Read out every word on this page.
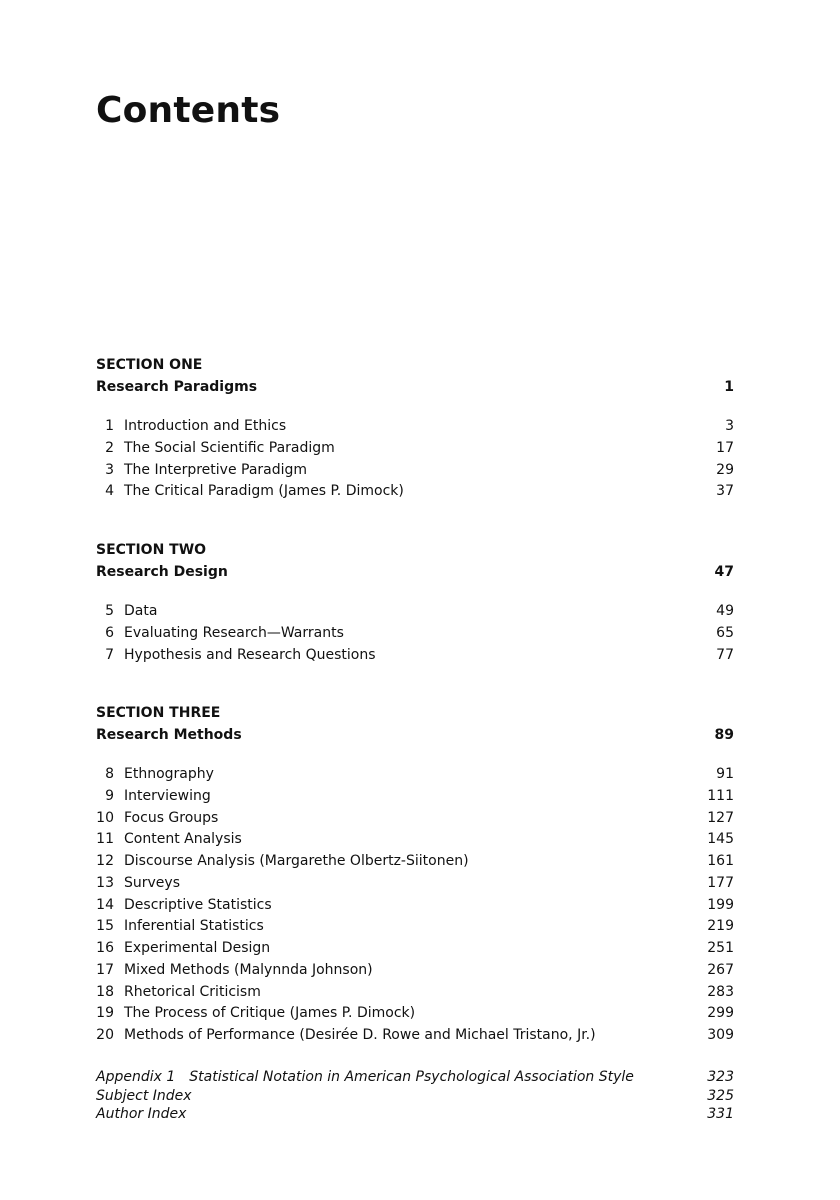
Contents
SECTION ONE
Research Paradigms	1
1 Introduction and Ethics	3
2 The Social Scientific Paradigm	17
3 The Interpretive Paradigm	29
4 The Critical Paradigm (James P. Dimock)	37
SECTION TWO
Research Design	47
5 Data	49
6 Evaluating Research—Warrants	65
7 Hypothesis and Research Questions	77
SECTION THREE
Research Methods	89
8 Ethnography	91
9 Interviewing	111
10 Focus Groups	127
11 Content Analysis	145
12 Discourse Analysis (Margarethe Olbertz-Siitonen)	161
13 Surveys	177
14 Descriptive Statistics	199
15 Inferential Statistics	219
16 Experimental Design	251
17 Mixed Methods (Malynnda Johnson)	267
18 Rhetorical Criticism	283
19 The Process of Critique (James P. Dimock)	299
20 Methods of Performance (Desirée D. Rowe and Michael Tristano, Jr.)	309
Appendix 1 Statistical Notation in American Psychological Association Style	323
Subject Index	325
Author Index	331
